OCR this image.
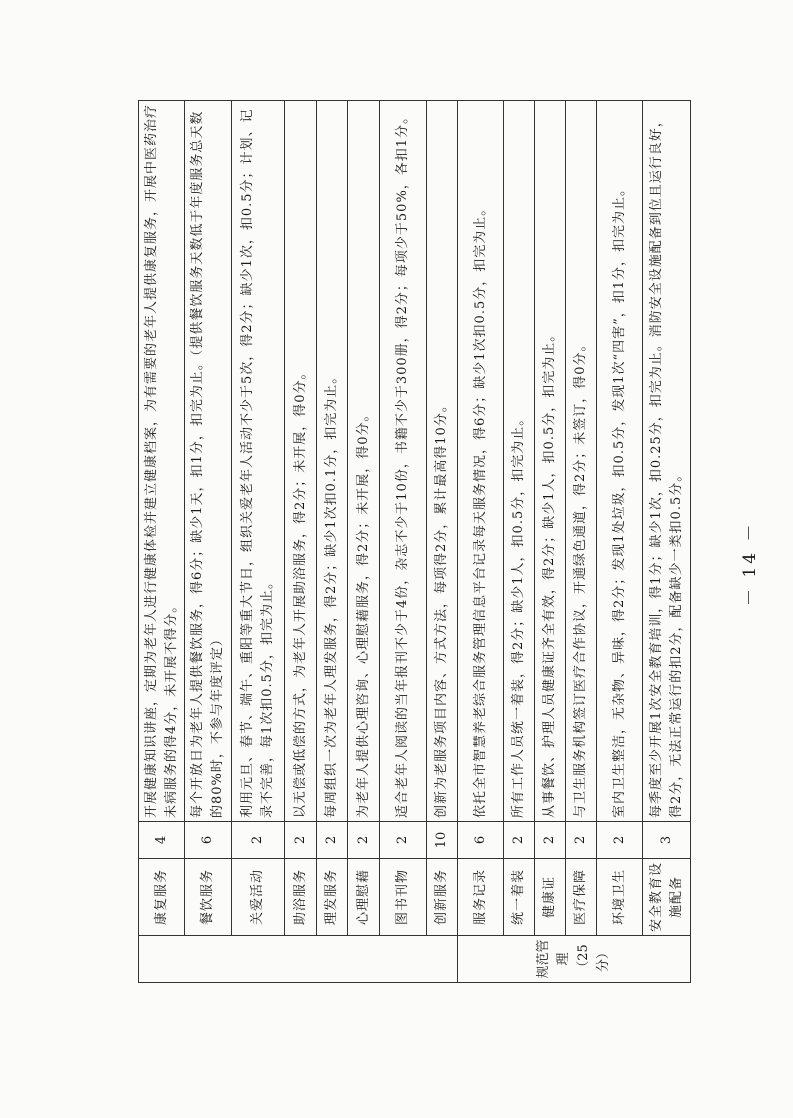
	康复服务	4	开展健康知识讲座，定期为老年人进行健康体检并建立健康档案，为有需要的老年人提供康复服务，开展中医药治疗未病服务的得4分，未开展不得分。
	餐饮服务	6	每个开放日为老年人提供餐饮服务，得6分；缺少1天，扣1分，扣完为止。（提供餐饮服务天数低于年度服务总天数的80%时，不参与年度评定）
	关爱活动	2	利用元旦、春节、端午、重阳等重大节日，组织关爱老年人活动不少于5次，得2分；缺少1次，扣0.5分；计划、记录不完善，每1次扣0.5分，扣完为止。
	助浴服务	2	以无偿或低偿的方式，为老年人开展助浴服务，得2分；未开展，得0分。
	理发服务	2	每周组织一次为老年人理发服务，得2分；缺少1次扣0.1分，扣完为止。
	心理慰藉	2	为老年人提供心理咨询、心理慰藉服务，得2分；未开展，得0分。
	图书刊物	2	适合老年人阅读的当年报刊不少于4份，杂志不少于10份，书籍不少于300册，得2分；每项少于50%，各扣1分。
	创新服务	10	创新为老服务项目内容、方式方法，每项得2分，累计最高得10分。
规范管理（25分）	服务记录	6	依托全市智慧养老综合服务管理信息平台记录每天服务情况，得6分；缺少1次扣0.5分，扣完为止。
	统一着装	2	所有工作人员统一着装，得2分；缺少1人，扣0.5分，扣完为止。
	健康证	2	从事餐饮、护理人员健康证齐全有效，得2分；缺少1人，扣0.5分，扣完为止。
	医疗保障	2	与卫生服务机构签订医疗合作协议，开通绿色通道，得2分；未签订，得0分。
	环境卫生	2	室内卫生整洁，无杂物、异味，得2分；发现1处垃圾，扣0.5分，发现1次“四害”，扣1分，扣完为止。
	安全教育设施配备	3	每季度至少开展1次安全教育培训，得1分；缺少1次，扣0.25分，扣完为止。消防安全设施配备到位且运行良好，得2分，无法正常运行的扣2分，配备缺少一类扣0.5分。	－ 14 －
